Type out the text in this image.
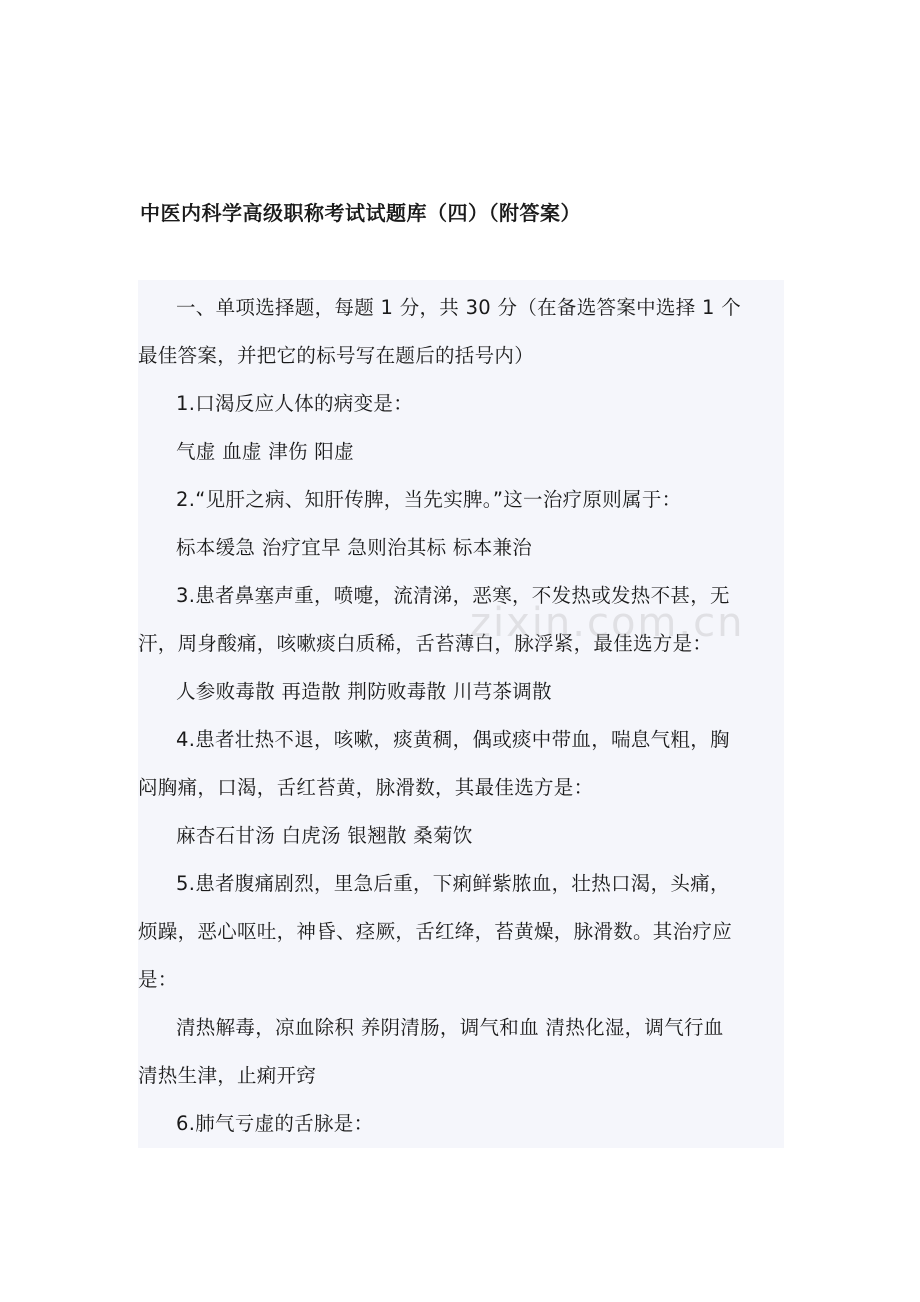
中医内科学高级职称考试试题库（四）（附答案）
一、单项选择题，每题 1 分，共 30 分（在备选答案中选择 1 个
最佳答案，并把它的标号写在题后的括号内）
1.口渴反应人体的病变是：
气虚 血虚 津伤 阳虚
2.“见肝之病、知肝传脾，当先实脾。”这一治疗原则属于：
标本缓急 治疗宜早 急则治其标 标本兼治
3.患者鼻塞声重，喷嚏，流清涕，恶寒，不发热或发热不甚，无
汗，周身酸痛，咳嗽痰白质稀，舌苔薄白，脉浮紧，最佳选方是：
人参败毒散 再造散 荆防败毒散 川芎茶调散
4.患者壮热不退，咳嗽，痰黄稠，偶或痰中带血，喘息气粗，胸
闷胸痛，口渴，舌红苔黄，脉滑数，其最佳选方是：
麻杏石甘汤 白虎汤 银翘散 桑菊饮
5.患者腹痛剧烈，里急后重，下痢鲜紫脓血，壮热口渴，头痛，
烦躁，恶心呕吐，神昏、痉厥，舌红绛，苔黄燥，脉滑数。其治疗应
是：
清热解毒，凉血除积 养阴清肠，调气和血 清热化湿，调气行血
清热生津，止痢开窍
6.肺气亏虚的舌脉是：
zixin.com.cn
